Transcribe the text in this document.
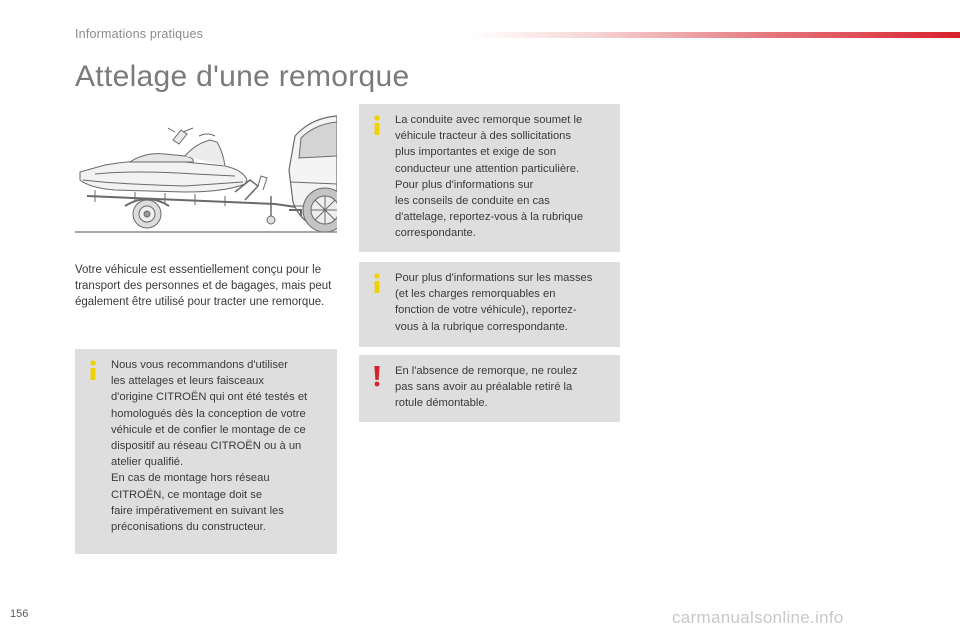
Informations pratiques
Attelage d'une remorque
Votre véhicule est essentiellement conçu pour le transport des personnes et de bagages, mais peut également être utilisé pour tracter une remorque.

Nous vous recommandons d'utiliser
les attelages et leurs faisceaux
d'origine CITROËN qui ont été testés et
homologués dès la conception de votre
véhicule et de confier le montage de ce
dispositif au réseau CITROËN ou à un
atelier qualifié.
En cas de montage hors réseau
CITROËN, ce montage doit se
faire impérativement en suivant les
préconisations du constructeur.

La conduite avec remorque soumet le
véhicule tracteur à des sollicitations
plus importantes et exige de son
conducteur une attention particulière.
Pour plus d'informations sur
les conseils de conduite en cas
d'attelage, reportez-vous à la rubrique
correspondante.

Pour plus d'informations sur les masses
(et les charges remorquables en
fonction de votre véhicule), reportez-
vous à la rubrique correspondante.

En l'absence de remorque, ne roulez
pas sans avoir au préalable retiré la
rotule démontable.

156	carmanualsonline.info
